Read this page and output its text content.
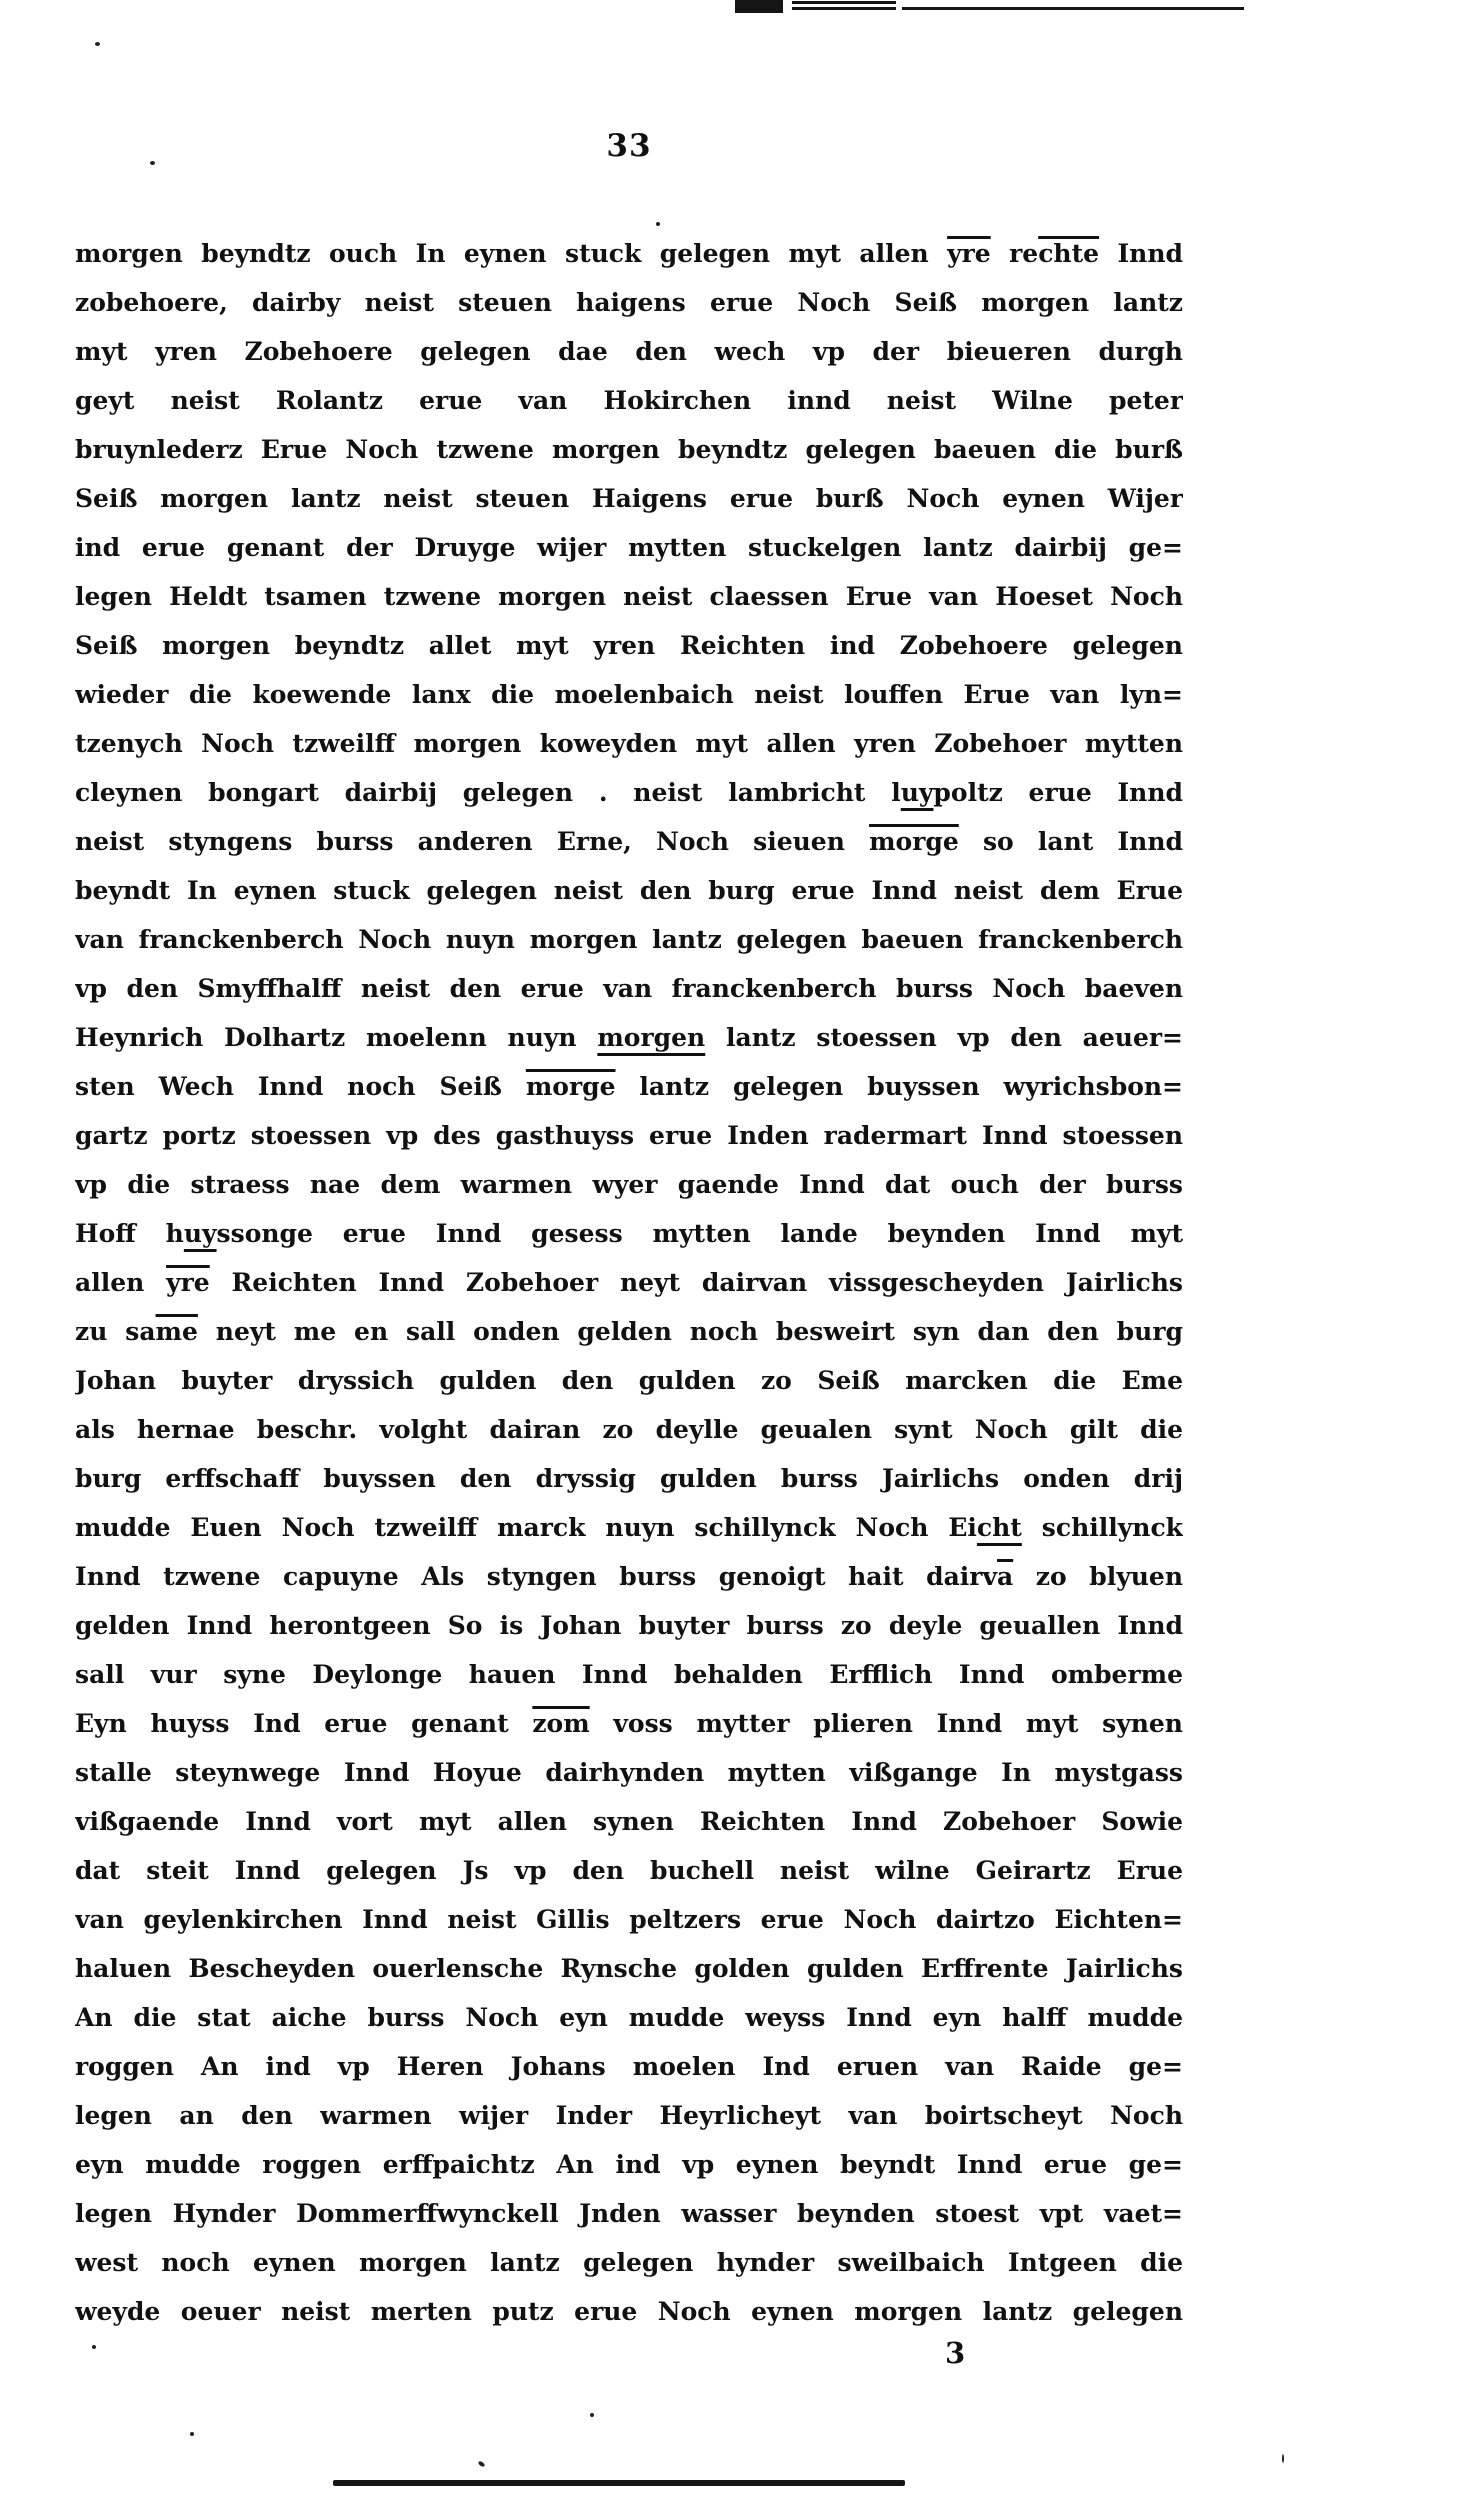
33
morgen beyndtz ouch In eynen stuck gelegen myt allen $\overline{yre}$ rechte Innd
zobehoere, dairby neist steuen haigens erue Noch Seiß morgen lantz
myt yren Zobehoere gelegen dae den wech vp der bieueren durgh
geyt neist Rolantz erue van Hokirchen innd neist Wilne peter
bruynlederz Erue Noch tzwene morgen beyndtz gelegen baeuen die burß
Seiß morgen lantz neist steuen Haigens erue burß Noch eynen Wijer
ind erue genant der Druyge wijer mytten stuckelgen lantz dairbij ge=
legen Heldt tsamen tzwene morgen neist claessen Erue van Hoeset Noch
Seiß morgen beyndtz allet myt yren Reichten ind Zobehoere gelegen
wieder die koewende lanx die moelenbaich neist louffen Erue van lyn=
tzenych Noch tzweilff morgen koweyden myt allen yren Zobehoer mytten
cleynen bongart dairbij gelegen . neist lambricht luypoltz erue Innd
neist styngens burss anderen Erne, Noch sieuen morge so lant Innd
beyndt In eynen stuck gelegen neist den burg erue Innd neist dem Erue
van franckenberch Noch nuyn morgen lantz gelegen baeuen franckenberch
vp den Smyffhalff neist den erue van franckenberch burss Noch baeven
Heynrich Dolhartz moelenn nuyn morgen lantz stoessen vp den aeuer=
sten Wech Innd noch Seiß morge lantz gelegen buyssen wyrichsbon=
gartz portz stoessen vp des gasthuyss erue Inden radermart Innd stoessen
vp die straess nae dem warmen wyer gaende Innd dat ouch der burss
Hoff huyssonge erue Innd gesess mytten lande beynden Innd myt
allen $\overline{yre}$ Reichten Innd Zobehoer neyt dairvan vissgescheyden Jairlichs
zu $sa\overline{me}$ neyt me en sall onden gelden noch besweirt syn dan den burg
Johan buyter dryssich gulden den gulden zo Seiß marcken die Eme
als hernae beschr. volght dairan zo deylle geualen synt Noch gilt die
burg erffschaff buyssen den dryssig gulden burss Jairlichs onden drij
mudde Euen Noch tzweilff marck nuyn schillynck Noch Eicht schillynck
Innd tzwene capuyne Als styngen burss genoigt hait $dairv\overline{a}$ zo blyuen
gelden Innd herontgeen So is Johan buyter burss zo deyle geuallen Innd
sall vur syne Deylonge hauen Innd behalden Erfflich Innd omberme
Eyn huyss Ind erue genant $\overline{zom}$ voss mytter plieren Innd myt synen
stalle steynwege Innd Hoyue dairhynden mytten vißgange In mystgass
vißgaende Innd vort myt allen synen Reichten Innd Zobehoer Sowie
dat steit Innd gelegen Js vp den buchell neist wilne Geirartz Erue
van geylenkirchen Innd neist Gillis peltzers erue Noch dairtzo Eichten=
haluen Bescheyden ouerlensche Rynsche golden gulden Erffrente Jairlichs
An die stat aiche burss Noch eyn mudde weyss Innd eyn halff mudde
roggen An ind vp Heren Johans moelen Ind eruen van Raide ge=
legen an den warmen wijer Inder Heyrlicheyt van boirtscheyt Noch
eyn mudde roggen erffpaichtz An ind vp eynen beyndt Innd erue ge=
legen Hynder Dommerffwynckell Jnden wasser beynden stoest vpt vaet=
west noch eynen morgen lantz gelegen hynder sweilbaich Intgeen die
weyde oeuer neist merten putz erue Noch eynen morgen lantz gelegen
3
